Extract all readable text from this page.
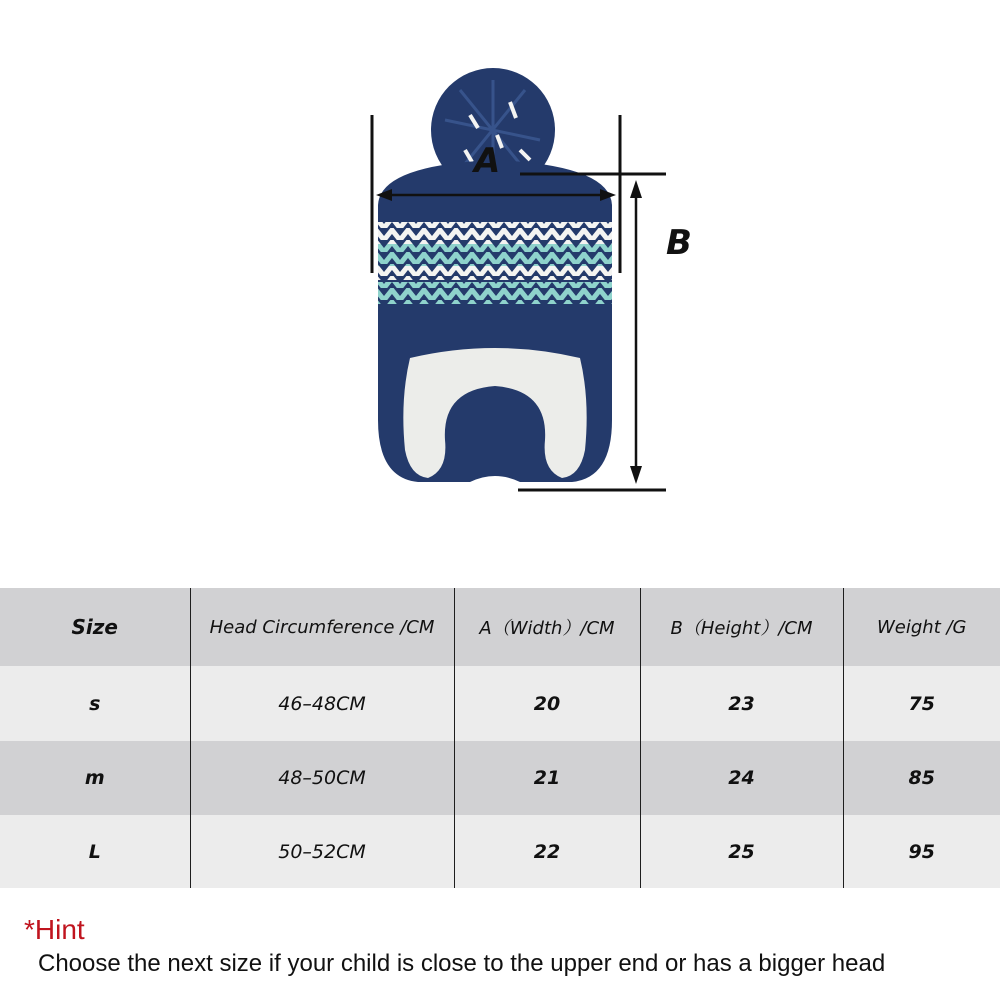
A
B
Size	Head Circumference /CM	A（Width）/CM	B（Height）/CM	Weight /G
s	46–48CM	20	23	75
m	48–50CM	21	24	85
L	50–52CM	22	25	95
*Hint
Choose the next size if your child is close to the upper end or has a bigger head
